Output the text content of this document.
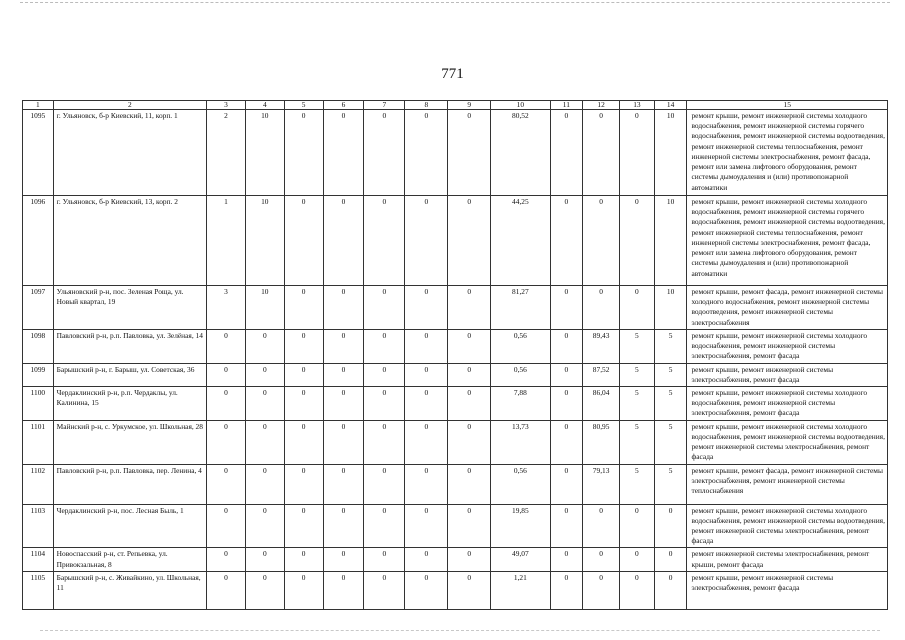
771
1	2	3	4	5	6	7	8	9	10	11	12	13	14	15
1095	г. Ульяновск, б-р Киевский, 11, корп. 1	2	10	0	0	0	0	0	80,52	0	0	0	10	ремонт крыши, ремонт инженерной системы холодного водоснабжения, ремонт инженерной системы горячего водоснабжения, ремонт инженерной системы водоотведения, ремонт инженерной системы теплоснабжения, ремонт инженерной системы электроснабжения, ремонт фасада, ремонт или замена лифтового оборудования, ремонт системы дымоудаления и (или) противопожарной автоматики
1096	г. Ульяновск, б-р Киевский, 13, корп. 2	1	10	0	0	0	0	0	44,25	0	0	0	10	ремонт крыши, ремонт инженерной системы холодного водоснабжения, ремонт инженерной системы горячего водоснабжения, ремонт инженерной системы водоотведения, ремонт инженерной системы теплоснабжения, ремонт инженерной системы электроснабжения, ремонт фасада, ремонт или замена лифтового оборудования, ремонт системы дымоудаления и (или) противопожарной автоматики
1097	Ульяновский р-н, пос. Зеленая Роща, ул. Новый квартал, 19	3	10	0	0	0	0	0	81,27	0	0	0	10	ремонт крыши, ремонт фасада, ремонт инженерной системы холодного водоснабжения, ремонт инженерной системы водоотведения, ремонт инженерной системы электроснабжения
1098	Павловский р-н, р.п. Павловка, ул. Зелёная, 14	0	0	0	0	0	0	0	0,56	0	89,43	5	5	ремонт крыши, ремонт инженерной системы холодного водоснабжения, ремонт инженерной системы электроснабжения, ремонт фасада
1099	Барышский р-н, г. Барыш, ул. Советская, 36	0	0	0	0	0	0	0	0,56	0	87,52	5	5	ремонт крыши, ремонт инженерной системы электроснабжения, ремонт фасада
1100	Чердаклинский р-н, р.п. Чердаклы, ул. Калинина, 15	0	0	0	0	0	0	0	7,88	0	86,04	5	5	ремонт крыши, ремонт инженерной системы холодного водоснабжения, ремонт инженерной системы электроснабжения, ремонт фасада
1101	Майнский р-н, с. Уркумское, ул. Школьная, 28	0	0	0	0	0	0	0	13,73	0	80,95	5	5	ремонт крыши, ремонт инженерной системы холодного водоснабжения, ремонт инженерной системы водоотведения, ремонт инженерной системы электроснабжения, ремонт фасада
1102	Павловский р-н, р.п. Павловка, пер. Ленина, 4	0	0	0	0	0	0	0	0,56	0	79,13	5	5	ремонт крыши, ремонт фасада, ремонт инженерной системы электроснабжения, ремонт инженерной системы теплоснабжения
1103	Чердаклинский р-н, пос. Лесная Быль, 1	0	0	0	0	0	0	0	19,85	0	0	0	0	ремонт крыши, ремонт инженерной системы холодного водоснабжения, ремонт инженерной системы водоотведения, ремонт инженерной системы электроснабжения, ремонт фасада
1104	Новоспасский р-н, ст. Репьевка, ул. Привокзальная, 8	0	0	0	0	0	0	0	49,07	0	0	0	0	ремонт инженерной системы электроснабжения, ремонт крыши, ремонт фасада
1105	Барышский р-н, с. Живайкино, ул. Школьная, 11	0	0	0	0	0	0	0	1,21	0	0	0	0	ремонт крыши, ремонт инженерной системы электроснабжения, ремонт фасада
